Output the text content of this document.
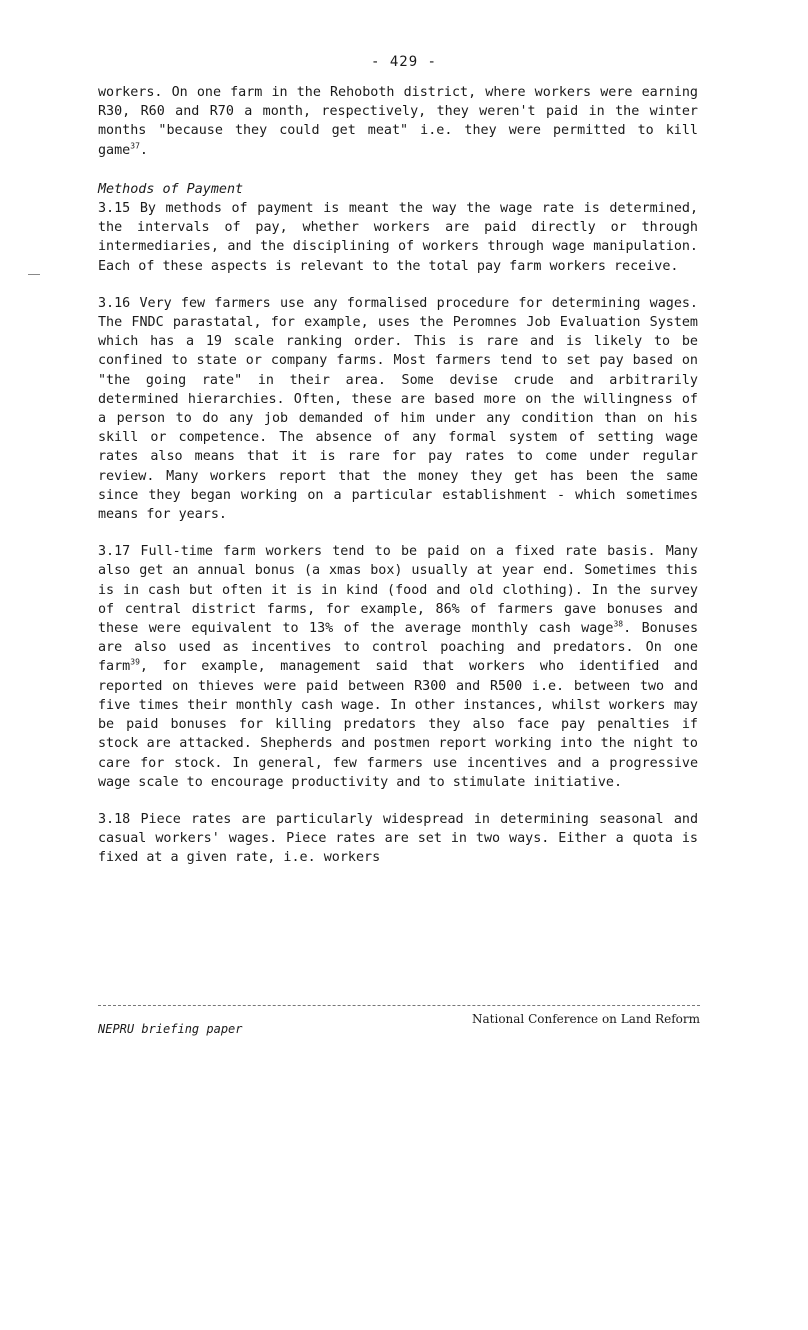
- 429 -

workers. On one farm in the Rehoboth district, where workers were earning R30, R60 and R70 a month, respectively, they weren't paid in the winter months "because they could get meat" i.e. they were permitted to kill game$^{37}$.

Methods of Payment

3.15 By methods of payment is meant the way the wage rate is determined, the intervals of pay, whether workers are paid directly or through intermediaries, and the disciplining of workers through wage manipulation. Each of these aspects is relevant to the total pay farm workers receive.

3.16 Very few farmers use any formalised procedure for determining wages. The FNDC parastatal, for example, uses the Peromnes Job Evaluation System which has a 19 scale ranking order. This is rare and is likely to be confined to state or company farms. Most farmers tend to set pay based on "the going rate" in their area. Some devise crude and arbitrarily determined hierarchies. Often, these are based more on the willingness of a person to do any job demanded of him under any condition than on his skill or competence. The absence of any formal system of setting wage rates also means that it is rare for pay rates to come under regular review. Many workers report that the money they get has been the same since they began working on a particular establishment - which sometimes means for years.

3.17 Full-time farm workers tend to be paid on a fixed rate basis. Many also get an annual bonus (a xmas box) usually at year end. Sometimes this is in cash but often it is in kind (food and old clothing). In the survey of central district farms, for example, 86% of farmers gave bonuses and these were equivalent to 13% of the average monthly cash wage$^{38}$. Bonuses are also used as incentives to control poaching and predators. On one farm$^{39}$, for example, management said that workers who identified and reported on thieves were paid between R300 and R500 i.e. between two and five times their monthly cash wage. In other instances, whilst workers may be paid bonuses for killing predators they also face pay penalties if stock are attacked. Shepherds and postmen report working into the night to care for stock. In general, few farmers use incentives and a progressive wage scale to encourage productivity and to stimulate initiative.

3.18 Piece rates are particularly widespread in determining seasonal and casual workers' wages. Piece rates are set in two ways. Either a quota is fixed at a given rate, i.e. workers

NEPRU briefing paper
National Conference on Land Reform
